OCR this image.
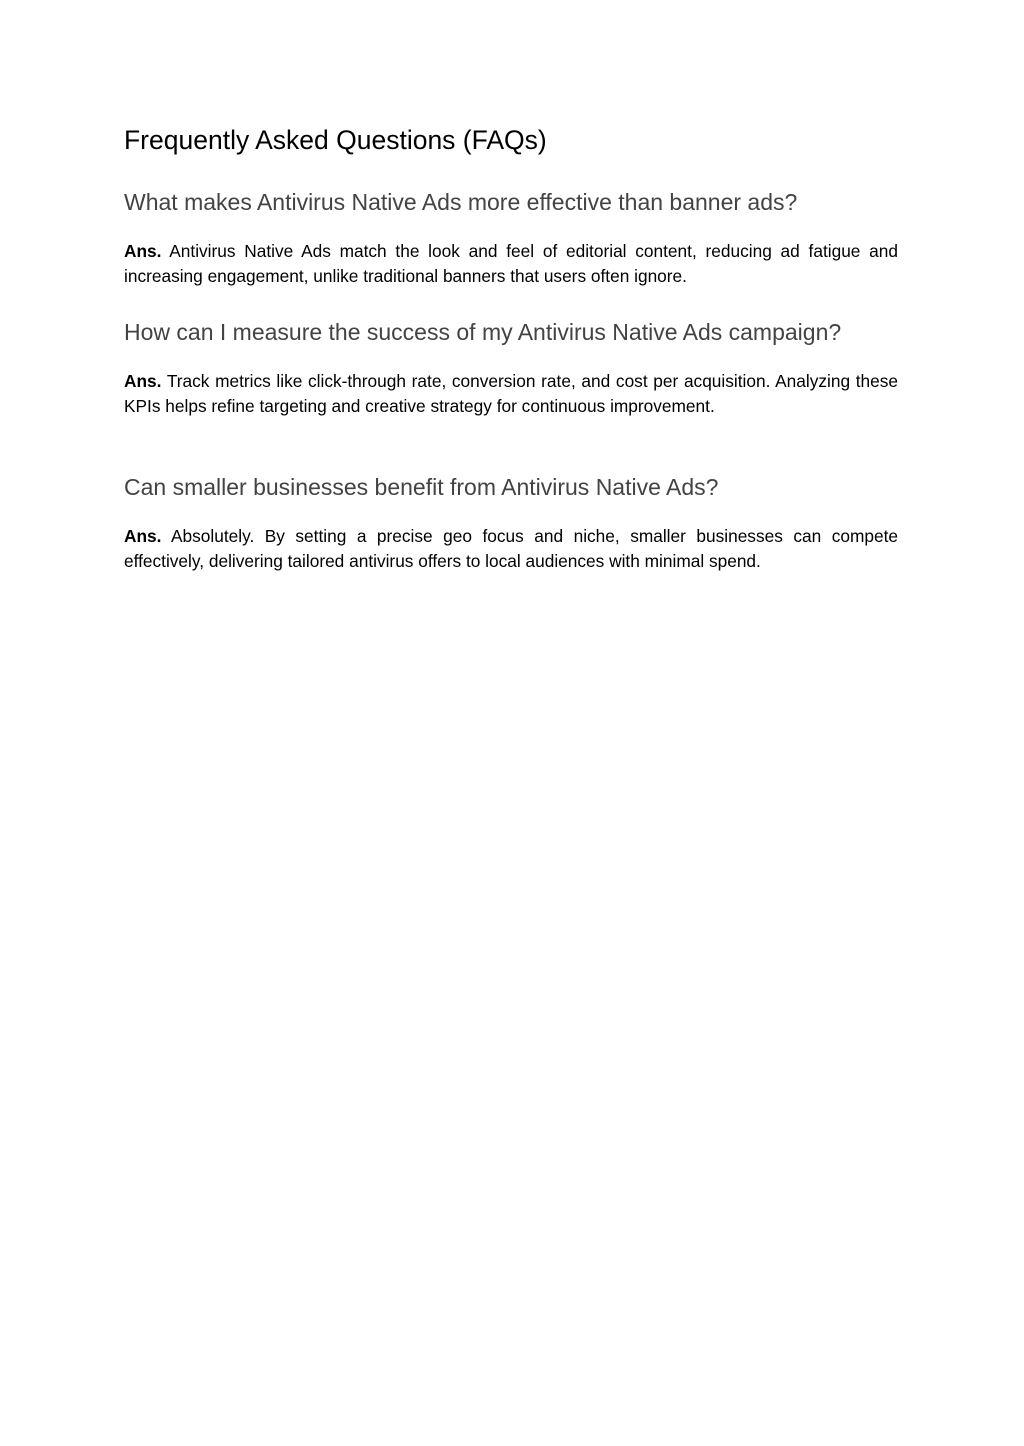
Frequently Asked Questions (FAQs)
What makes Antivirus Native Ads more effective than banner ads?

Ans. Antivirus Native Ads match the look and feel of editorial content, reducing ad fatigue and increasing engagement, unlike traditional banners that users often ignore.

How can I measure the success of my Antivirus Native Ads campaign?

Ans. Track metrics like click-through rate, conversion rate, and cost per acquisition. Analyzing these KPIs helps refine targeting and creative strategy for continuous improvement.

Can smaller businesses benefit from Antivirus Native Ads?

Ans. Absolutely. By setting a precise geo focus and niche, smaller businesses can compete effectively, delivering tailored antivirus offers to local audiences with minimal spend.
